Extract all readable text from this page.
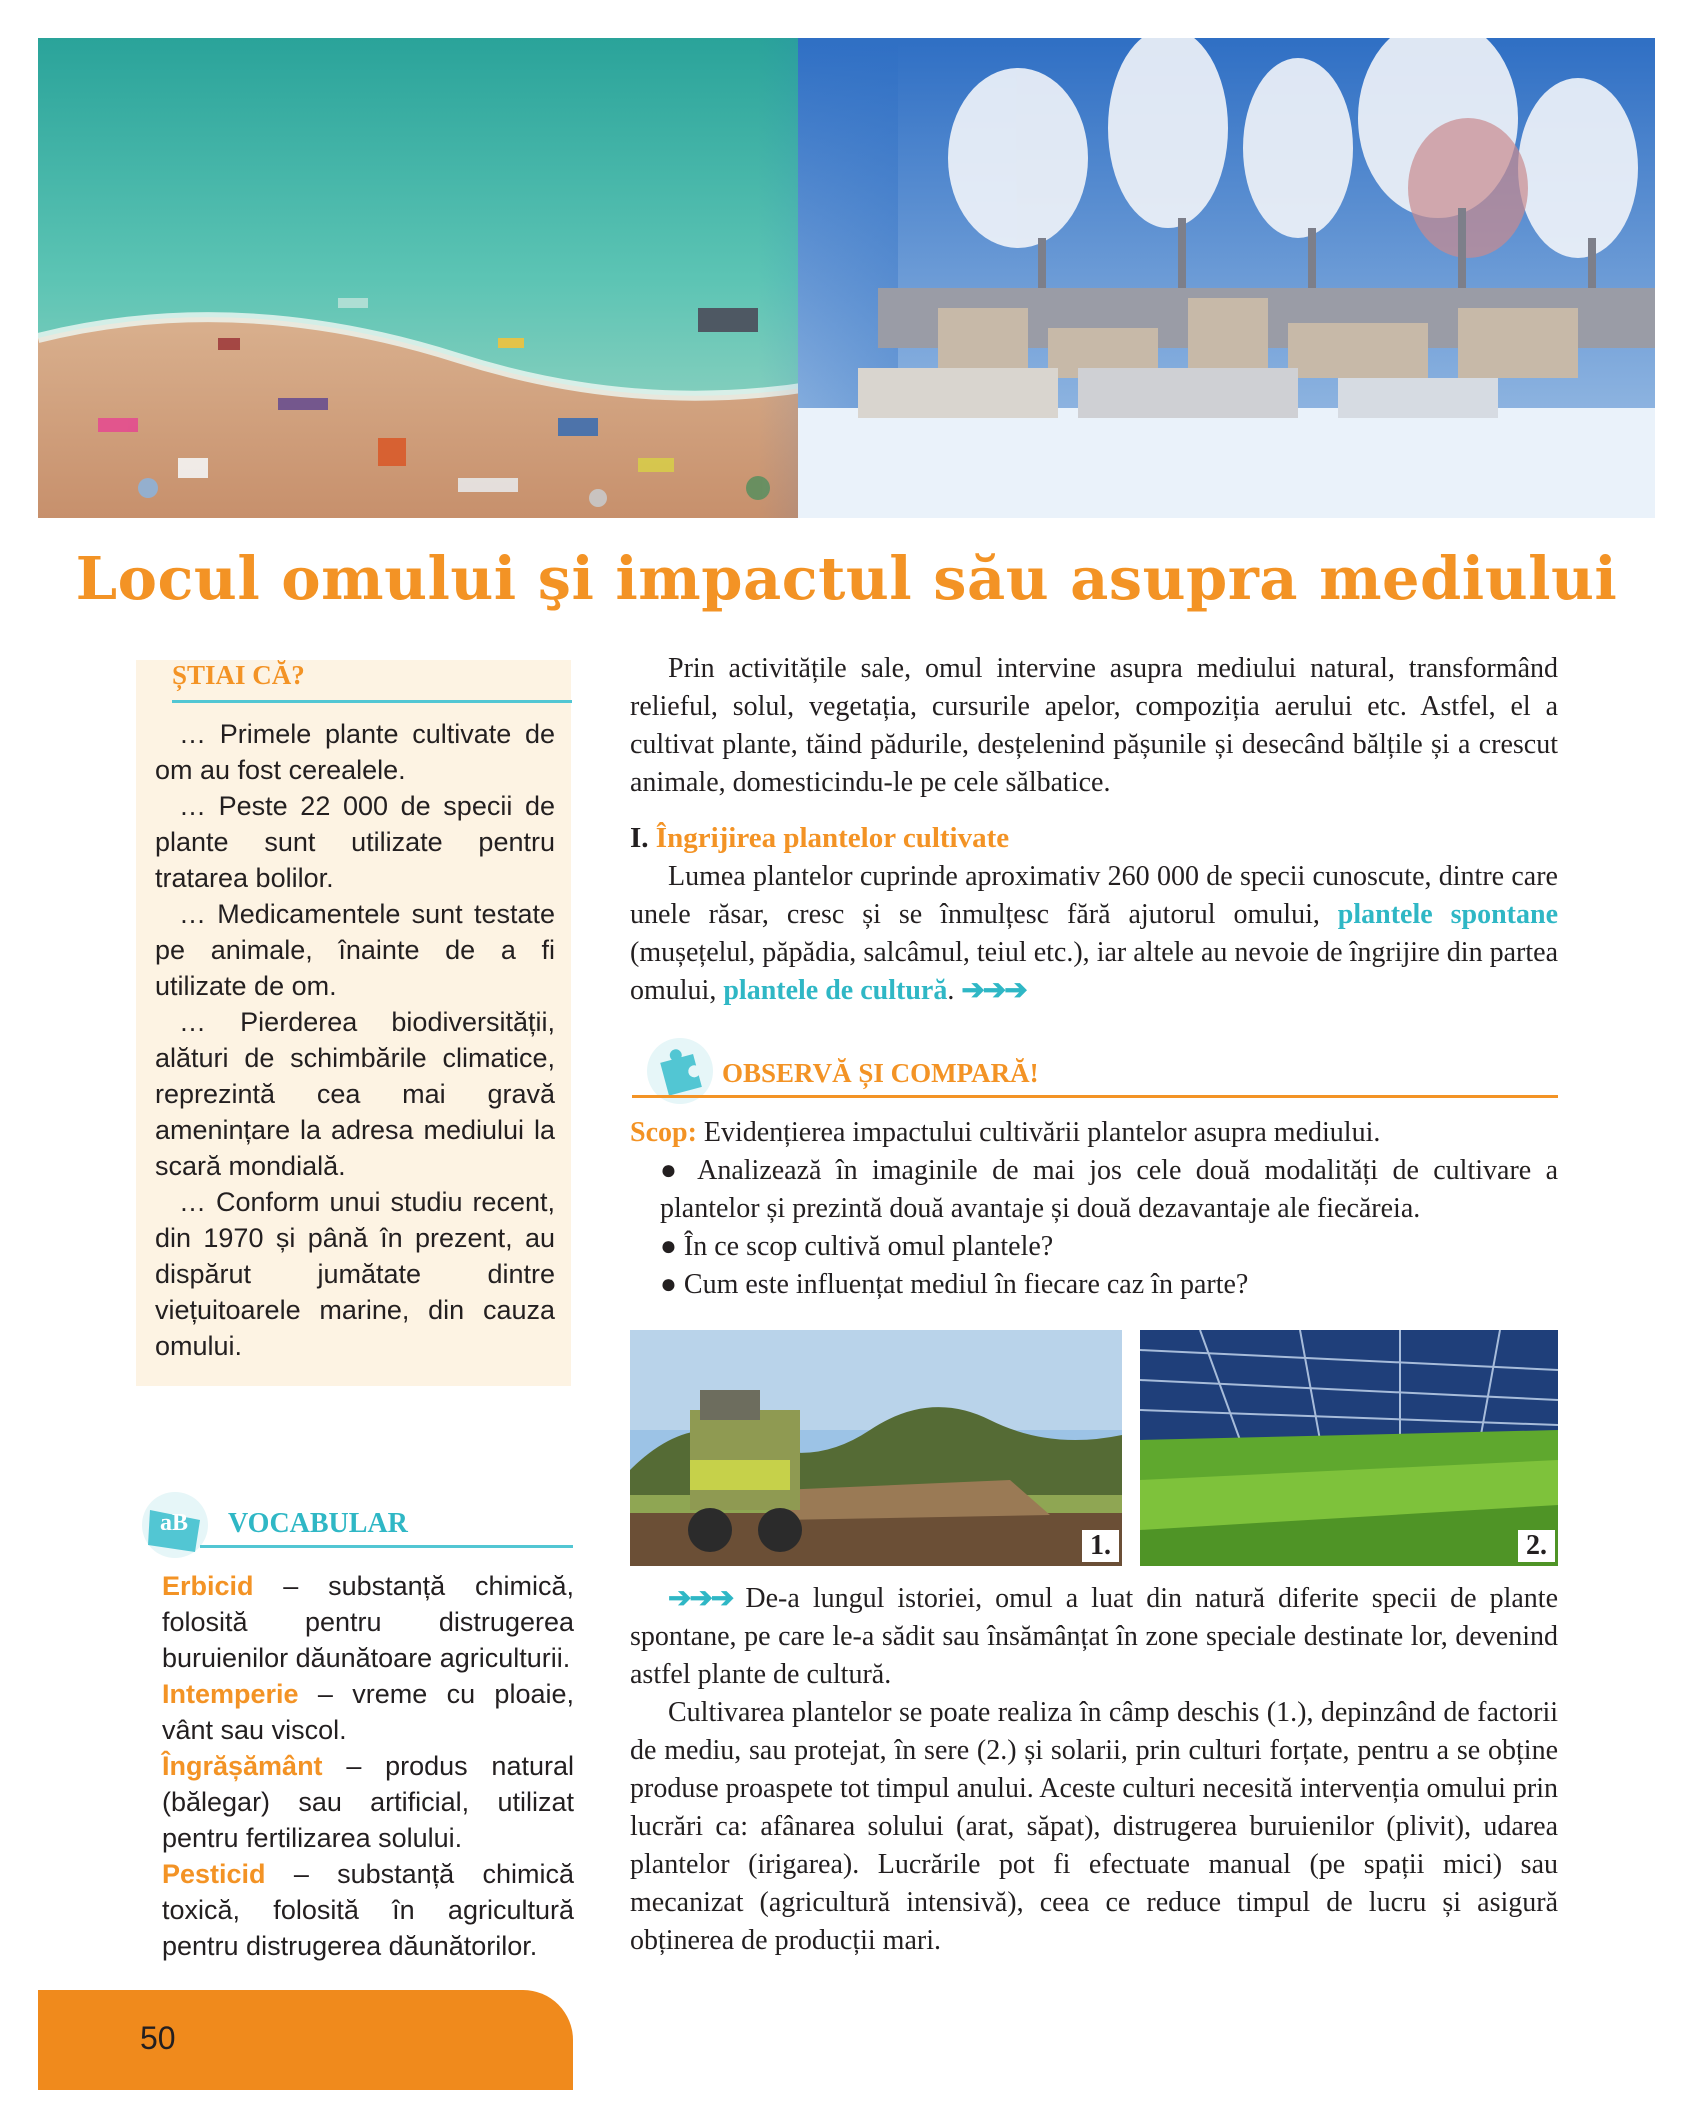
Locul omului şi impactul său asupra mediului
ȘTIAI CĂ?

… Primele plante cultivate de om au fost cerealele.

… Peste 22 000 de specii de plante sunt utilizate pentru tratarea bolilor.

… Medicamentele sunt testate pe animale, înainte de a fi utilizate de om.

… Pierderea biodiversității, alături de schimbările climatice, reprezintă cea mai gravă amenințare la adresa mediului la scară mondială.

… Conform unui studiu recent, din 1970 și până în prezent, au dispărut jumătate dintre viețuitoarele marine, din cauza omului.

aB VOCABULAR

Erbicid – substanță chimică, folosită pentru distrugerea buruienilor dăunătoare agriculturii.

Intemperie – vreme cu ploaie, vânt sau viscol.

Îngrășământ – produs natural (bălegar) sau artificial, utilizat pentru fertilizarea solului.

Pesticid – substanță chimică toxică, folosită în agricultură pentru distrugerea dăunătorilor.

50

Prin activitățile sale, omul intervine asupra mediului natural, transformând relieful, solul, vegetația, cursurile apelor, compoziția aerului etc. Astfel, el a cultivat plante, tăind pădurile, desțelenind pășunile și desecând bălțile și a crescut animale, domesticindu-le pe cele sălbatice.

I. Îngrijirea plantelor cultivate

Lumea plantelor cuprinde aproximativ 260 000 de specii cunoscute, dintre care unele răsar, cresc și se înmulțesc fără ajutorul omului, plantele spontane (mușețelul, păpădia, salcâmul, teiul etc.), iar altele au nevoie de îngrijire din partea omului, plantele de cultură. ➔➔➔

OBSERVĂ ȘI COMPARĂ!

Scop: Evidențierea impactului cultivării plantelor asupra mediului.

● Analizează în imaginile de mai jos cele două modalități de cultivare a plantelor și prezintă două avantaje și două dezavantaje ale fiecăreia.

● În ce scop cultivă omul plantele?

● Cum este influențat mediul în fiecare caz în parte?

1.	2.

➔➔➔ De-a lungul istoriei, omul a luat din natură diferite specii de plante spontane, pe care le-a sădit sau însămânțat în zone speciale destinate lor, devenind astfel plante de cultură.

Cultivarea plantelor se poate realiza în câmp deschis (1.), depinzând de factorii de mediu, sau protejat, în sere (2.) și solarii, prin culturi forțate, pentru a se obține produse proaspete tot timpul anului. Aceste culturi necesită intervenția omului prin lucrări ca: afânarea solului (arat, săpat), distrugerea buruienilor (plivit), udarea plantelor (irigarea). Lucrările pot fi efectuate manual (pe spații mici) sau mecanizat (agricultură intensivă), ceea ce reduce timpul de lucru și asigură obținerea de producții mari.
